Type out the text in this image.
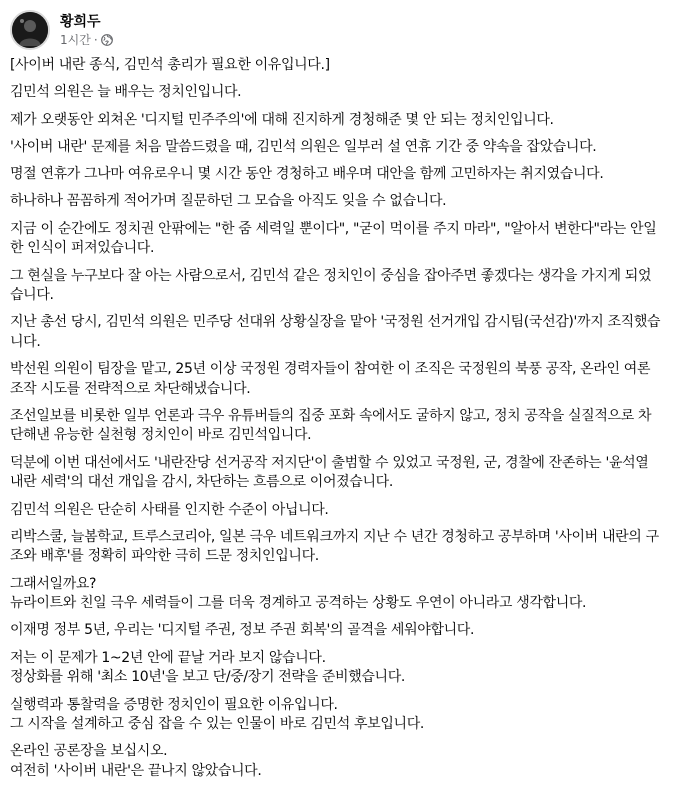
황희두
1시간 ·
[사이버 내란 종식, 김민석 총리가 필요한 이유입니다.]
김민석 의원은 늘 배우는 정치인입니다.
제가 오랫동안 외쳐온 '디지털 민주주의'에 대해 진지하게 경청해준 몇 안 되는 정치인입니다.
'사이버 내란' 문제를 처음 말씀드렸을 때, 김민석 의원은 일부러 설 연휴 기간 중 약속을 잡았습니다.
명절 연휴가 그나마 여유로우니 몇 시간 동안 경청하고 배우며 대안을 함께 고민하자는 취지였습니다.
하나하나 꼼꼼하게 적어가며 질문하던 그 모습을 아직도 잊을 수 없습니다.
지금 이 순간에도 정치권 안팎에는 "한 줌 세력일 뿐이다", "굳이 먹이를 주지 마라", "알아서 변한다"라는 안일
한 인식이 퍼져있습니다.
그 현실을 누구보다 잘 아는 사람으로서, 김민석 같은 정치인이 중심을 잡아주면 좋겠다는 생각을 가지게 되었
습니다.
지난 총선 당시, 김민석 의원은 민주당 선대위 상황실장을 맡아 '국정원 선거개입 감시팀(국선감)'까지 조직했습
니다.
박선원 의원이 팀장을 맡고, 25년 이상 국정원 경력자들이 참여한 이 조직은 국정원의 북풍 공작, 온라인 여론
조작 시도를 전략적으로 차단해냈습니다.
조선일보를 비롯한 일부 언론과 극우 유튜버들의 집중 포화 속에서도 굴하지 않고, 정치 공작을 실질적으로 차
단해낸 유능한 실천형 정치인이 바로 김민석입니다.
덕분에 이번 대선에서도 '내란잔당 선거공작 저지단'이 출범할 수 있었고 국정원, 군, 경찰에 잔존하는 '윤석열
내란 세력'의 대선 개입을 감시, 차단하는 흐름으로 이어졌습니다.
김민석 의원은 단순히 사태를 인지한 수준이 아닙니다.
리박스쿨, 늘봄학교, 트루스코리아, 일본 극우 네트워크까지 지난 수 년간 경청하고 공부하며 '사이버 내란의 구
조와 배후'를 정확히 파악한 극히 드문 정치인입니다.
그래서일까요?
뉴라이트와 친일 극우 세력들이 그를 더욱 경계하고 공격하는 상황도 우연이 아니라고 생각합니다.
이재명 정부 5년, 우리는 '디지털 주권, 정보 주권 회복'의 골격을 세워야합니다.
저는 이 문제가 1~2년 안에 끝날 거라 보지 않습니다.
정상화를 위해 '최소 10년'을 보고 단/중/장기 전략을 준비했습니다.
실행력과 통찰력을 증명한 정치인이 필요한 이유입니다.
그 시작을 설계하고 중심 잡을 수 있는 인물이 바로 김민석 후보입니다.
온라인 공론장을 보십시오.
여전히 '사이버 내란'은 끝나지 않았습니다.
